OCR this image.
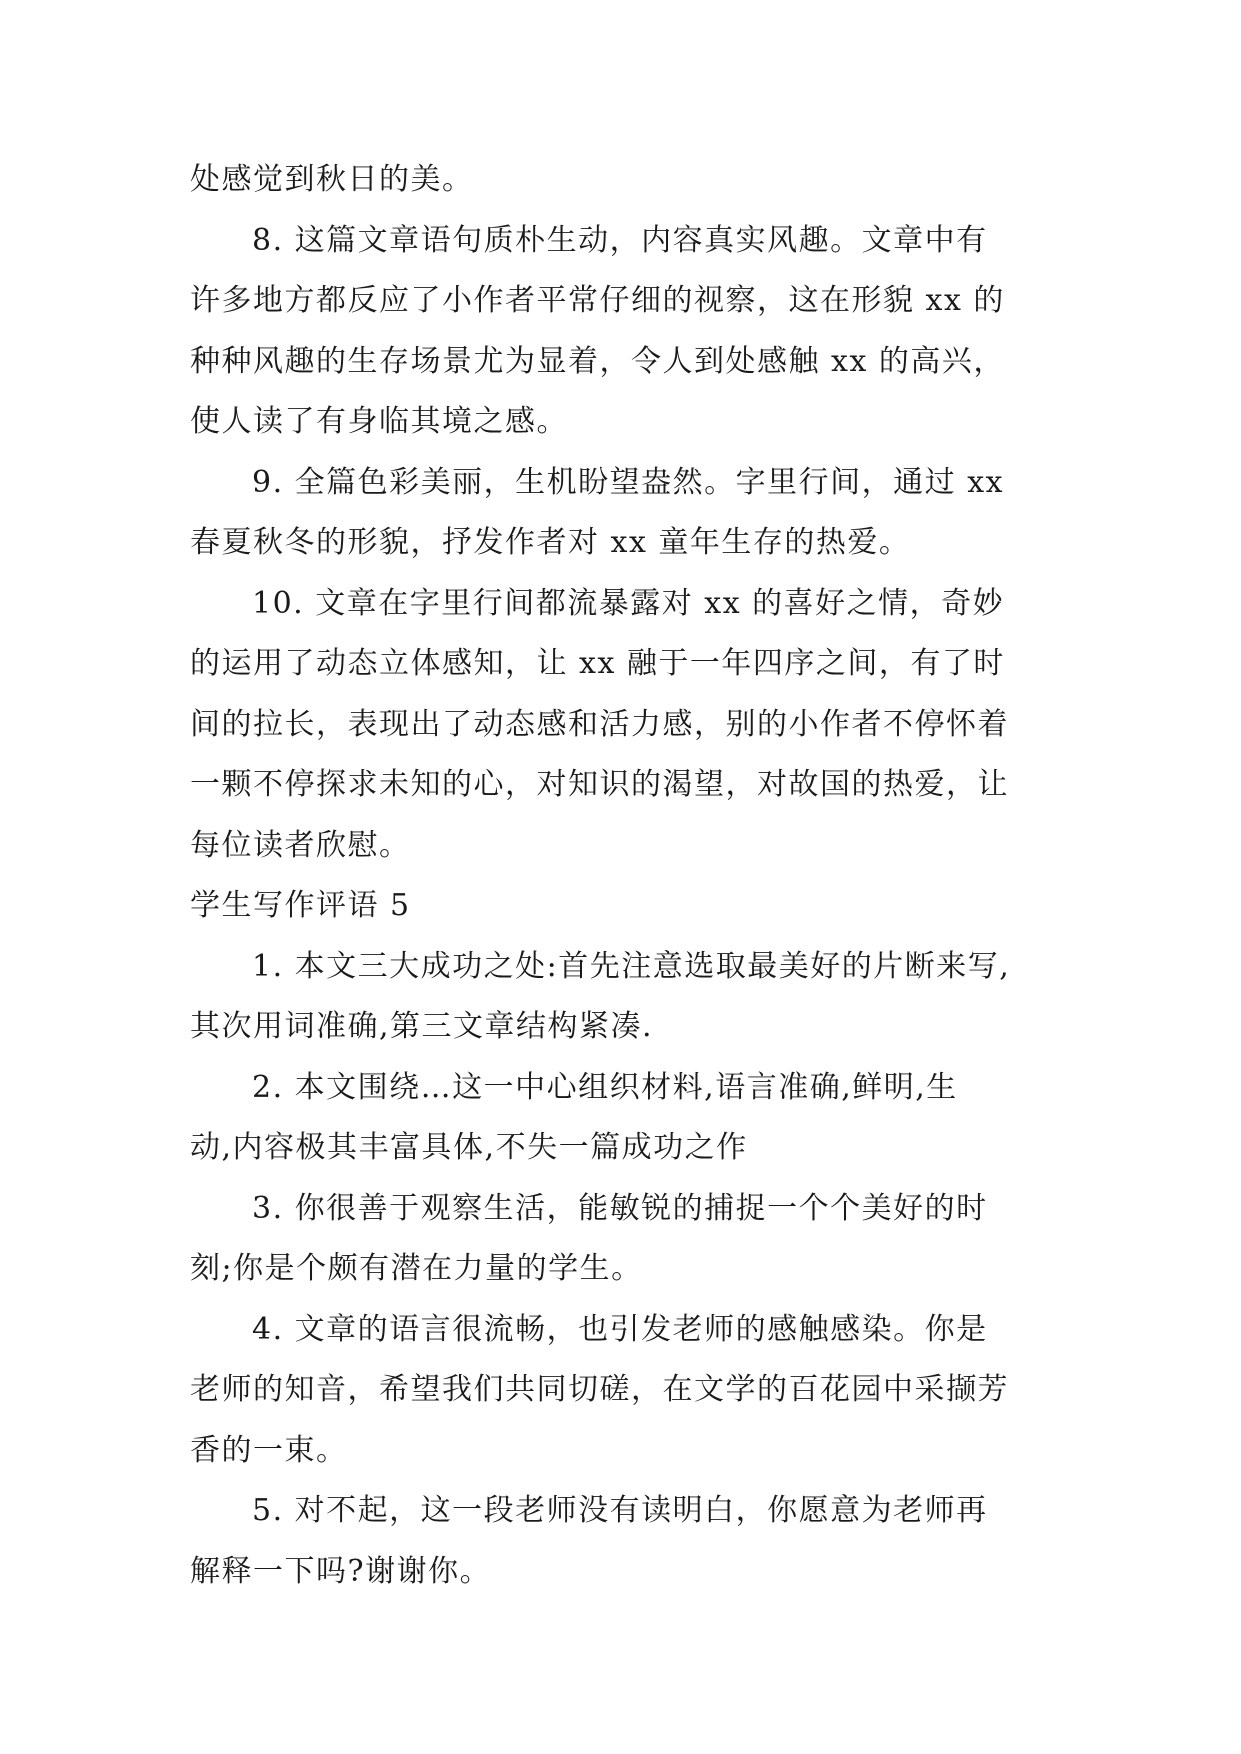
处感觉到秋日的美。
8. 这篇文章语句质朴生动，内容真实风趣。文章中有
许多地方都反应了小作者平常仔细的视察，这在形貌 xx 的
种种风趣的生存场景尤为显着，令人到处感触 xx 的高兴，
使人读了有身临其境之感。
9. 全篇色彩美丽，生机盼望盎然。字里行间，通过 xx
春夏秋冬的形貌，抒发作者对 xx 童年生存的热爱。
10. 文章在字里行间都流暴露对 xx 的喜好之情，奇妙
的运用了动态立体感知，让 xx 融于一年四序之间，有了时
间的拉长，表现出了动态感和活力感，别的小作者不停怀着
一颗不停探求未知的心，对知识的渴望，对故国的热爱，让
每位读者欣慰。
学生写作评语 5
1. 本文三大成功之处:首先注意选取最美好的片断来写,
其次用词准确,第三文章结构紧凑.
2. 本文围绕…这一中心组织材料,语言准确,鲜明,生
动,内容极其丰富具体,不失一篇成功之作
3. 你很善于观察生活，能敏锐的捕捉一个个美好的时
刻;你是个颇有潜在力量的学生。
4. 文章的语言很流畅，也引发老师的感触感染。你是
老师的知音，希望我们共同切磋，在文学的百花园中采撷芳
香的一束。
5. 对不起，这一段老师没有读明白，你愿意为老师再
解释一下吗?谢谢你。
